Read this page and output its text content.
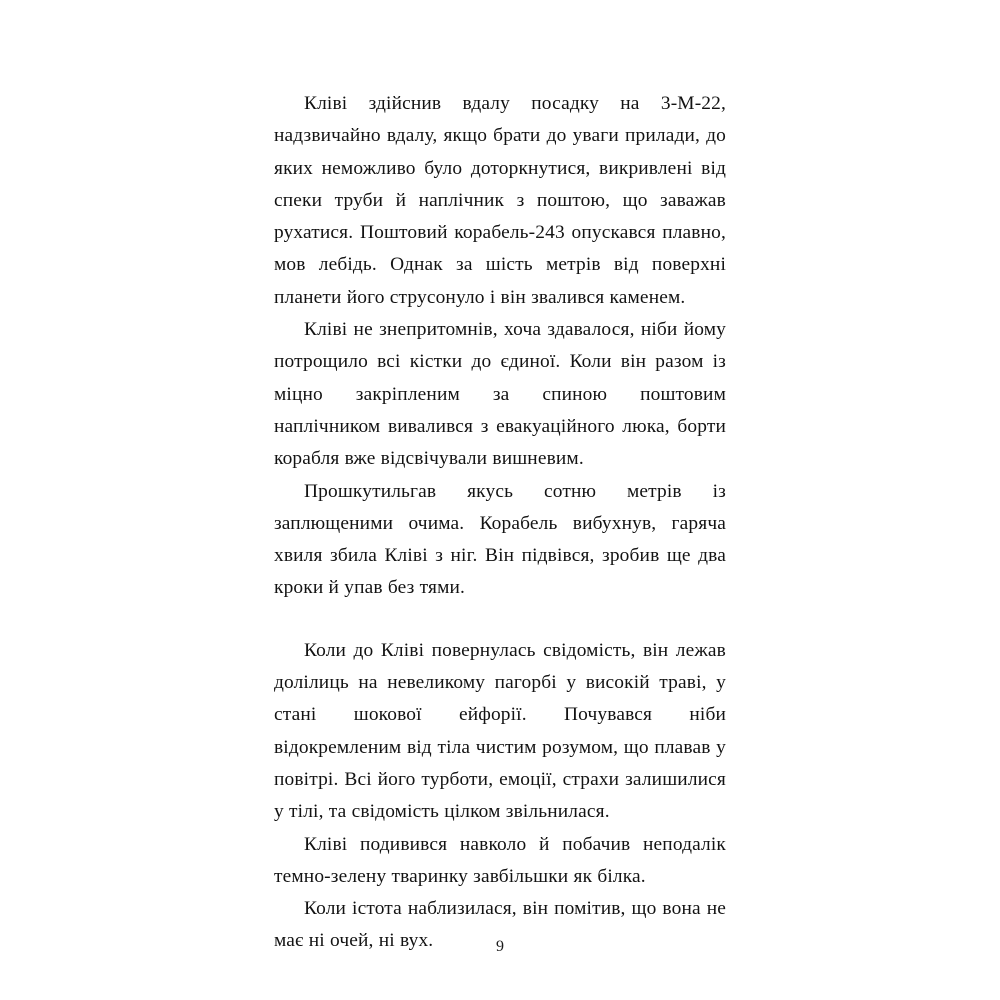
Кліві здійснив вдалу посадку на 3-М-22, надзвичайно вдалу, якщо брати до уваги прилади, до яких неможливо було доторкнутися, викривлені від спеки труби й наплічник з поштою, що заважав рухатися. Поштовий корабель-243 опускався плавно, мов лебідь. Однак за шість метрів від поверхні планети його струсонуло і він звалився каменем.

Кліві не знепритомнів, хоча здавалося, ніби йому потрощило всі кістки до єдиної. Коли він разом із міцно закріпленим за спиною поштовим наплічником вивалився з евакуаційного люка, борти корабля вже відсвічували вишневим.

Прошкутильгав якусь сотню метрів із заплющеними очима. Корабель вибухнув, гаряча хвиля збила Кліві з ніг. Він підвівся, зробив ще два кроки й упав без тями.

Коли до Кліві повернулась свідомість, він лежав долілиць на невеликому пагорбі у високій траві, у стані шокової ейфорії. Почувався ніби відокремленим від тіла чистим розумом, що плавав у повітрі. Всі його турботи, емоції, страхи залишилися у тілі, та свідомість цілком звільнилася.

Кліві подивився навколо й побачив неподалік темно-зелену тваринку завбільшки як білка.

Коли істота наблизилася, він помітив, що вона не має ні очей, ні вух.	9
